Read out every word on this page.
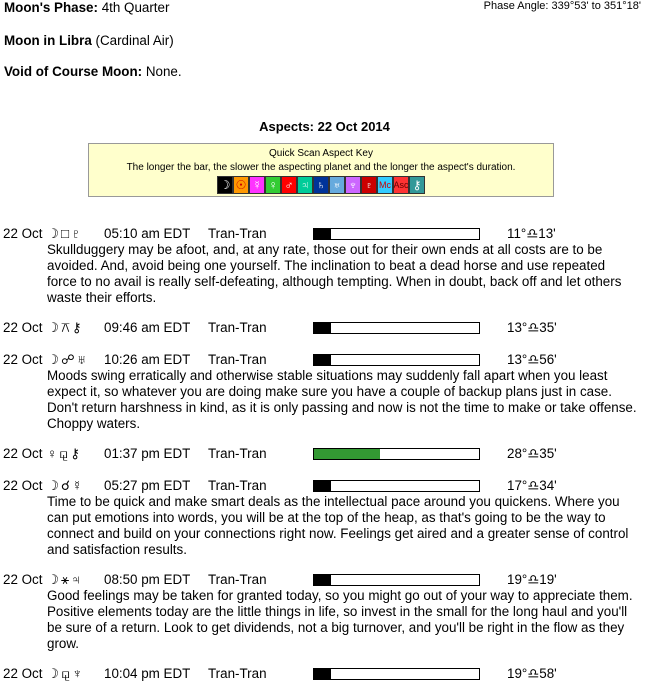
Moon's Phase: 4th Quarter	Phase Angle: 339°53' to 351°18'
Moon in Libra (Cardinal Air)
Void of Course Moon: None.
Aspects: 22 Oct 2014
Quick Scan Aspect Key
The longer the bar, the slower the aspecting planet and the longer the aspect's duration.
☽ ☉ ☿ ♀ ♂ ♃ ♄ ♅ ♆ ♇ Mc Asc ⚷
22 Oct ☽□♇ 05:10 am EDT Tran-Tran	11°♎13'
Skullduggery may be afoot, and, at any rate, those out for their own ends at all costs are to be avoided. And, avoid being one yourself. The inclination to beat a dead horse and use repeated force to no avail is really self-defeating, although tempting. When in doubt, back off and let others waste their efforts.
22 Oct ☽⚻⚷ 09:46 am EDT Tran-Tran	13°♎35'
22 Oct ☽☍♅ 10:26 am EDT Tran-Tran	13°♎56'
Moods swing erratically and otherwise stable situations may suddenly fall apart when you least expect it, so whatever you are doing make sure you have a couple of backup plans just in case. Don't return harshness in kind, as it is only passing and now is not the time to make or take offense. Choppy waters.
22 Oct ♀⚼⚷ 01:37 pm EDT Tran-Tran	28°♎35'
22 Oct ☽☌☿ 05:27 pm EDT Tran-Tran	17°♎34'
Time to be quick and make smart deals as the intellectual pace around you quickens. Where you can put emotions into words, you will be at the top of the heap, as that's going to be the way to connect and build on your connections right now. Feelings get aired and a greater sense of control and satisfaction results.
22 Oct ☽⚹♃ 08:50 pm EDT Tran-Tran	19°♎19'
Good feelings may be taken for granted today, so you might go out of your way to appreciate them. Positive elements today are the little things in life, so invest in the small for the long haul and you'll be sure of a return. Look to get dividends, not a big turnover, and you'll be right in the flow as they grow.
22 Oct ☽⚼♆ 10:04 pm EDT Tran-Tran	19°♎58'
